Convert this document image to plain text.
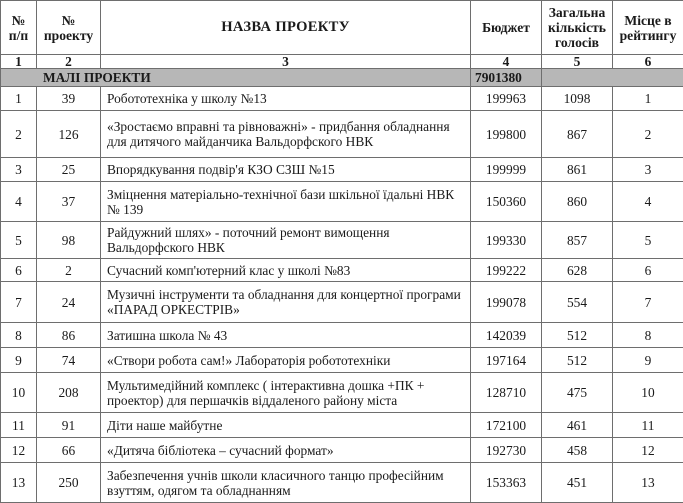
№ п/п	№ проекту	НАЗВА ПРОЕКТУ	Бюджет	Загальна кількість голосів	Місце в рейтингу
1	2	3	4	5	6
МАЛІ ПРОЕКТИ			7901380		
1	39	Робототехніка у школу №13	199963	1098	1
2	126	«Зростаємо вправні та рівноважні» - придбання обладнання для дитячого майданчика Вальдорфского НВК	199800	867	2
3	25	Впорядкування подвір'я КЗО СЗШ №15	199999	861	3
4	37	Зміцнення матеріально-технічної бази шкільної їдальні НВК № 139	150360	860	4
5	98	Райдужний шлях» - поточний ремонт вимощення Вальдорфского НВК	199330	857	5
6	2	Сучасний комп'ютерний клас у школі №83	199222	628	6
7	24	Музичні інструменти та обладнання для концертної програми «ПАРАД ОРКЕСТРІВ»	199078	554	7
8	86	Затишна школа № 43	142039	512	8
9	74	«Створи робота сам!» Лабораторія робототехніки	197164	512	9
10	208	Мультимедійний комплекс ( інтерактивна дошка +ПК + проектор) для першачків віддаленого району міста	128710	475	10
11	91	Діти наше майбутне	172100	461	11
12	66	«Дитяча бібліотека – сучасний формат»	192730	458	12
13	250	Забезпечення учнів школи класичного танцю професійним взуттям, одягом та обладнанням	153363	451	13
